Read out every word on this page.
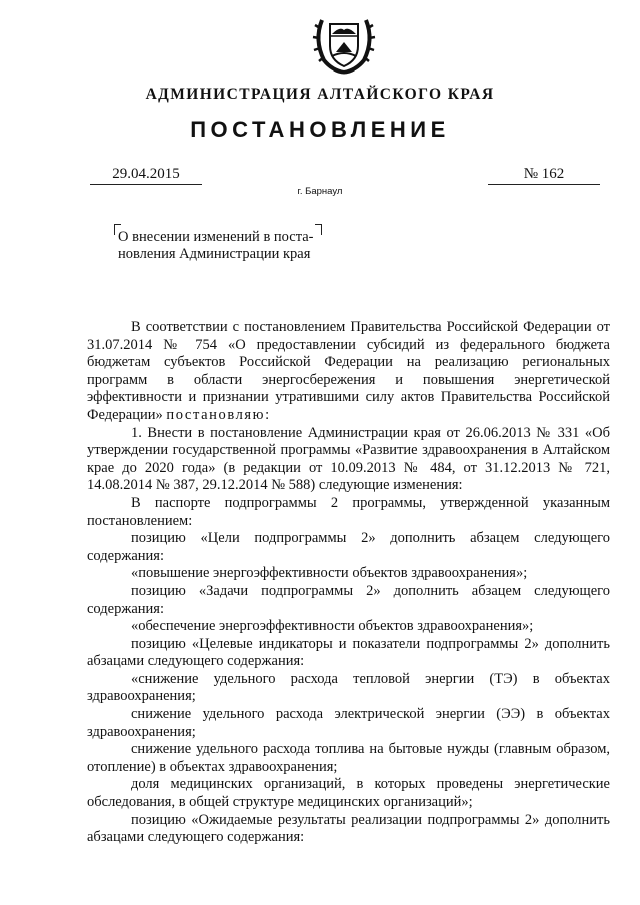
АДМИНИСТРАЦИЯ АЛТАЙСКОГО КРАЯ
ПОСТАНОВЛЕНИЕ
29.04.2015	№ 162
г. Барнаул
О внесении изменений в поста-
новления Администрации края

В соответствии с постановлением Правительства Российской Федерации от 31.07.2014 № 754 «О предоставлении субсидий из федерального бюджета бюджетам субъектов Российской Федерации на реализацию региональных программ в области энергосбережения и повышения энергетической эффективности и признании утратившими силу актов Правительства Российской Федерации» постановляю:

1. Внести в постановление Администрации края от 26.06.2013 № 331 «Об утверждении государственной программы «Развитие здравоохранения в Алтайском крае до 2020 года» (в редакции от 10.09.2013 № 484, от 31.12.2013 № 721, 14.08.2014 № 387, 29.12.2014 № 588) следующие изменения:

В паспорте подпрограммы 2 программы, утвержденной указанным постановлением:

позицию «Цели подпрограммы 2» дополнить абзацем следующего содержания:

«повышение энергоэффективности объектов здравоохранения»;

позицию «Задачи подпрограммы 2» дополнить абзацем следующего содержания:

«обеспечение энергоэффективности объектов здравоохранения»;

позицию «Целевые индикаторы и показатели подпрограммы 2» дополнить абзацами следующего содержания:

«снижение удельного расхода тепловой энергии (ТЭ) в объектах здравоохранения;

снижение удельного расхода электрической энергии (ЭЭ) в объектах здравоохранения;

снижение удельного расхода топлива на бытовые нужды (главным образом, отопление) в объектах здравоохранения;

доля медицинских организаций, в которых проведены энергетические обследования, в общей структуре медицинских организаций»;

позицию «Ожидаемые результаты реализации подпрограммы 2» дополнить абзацами следующего содержания:
